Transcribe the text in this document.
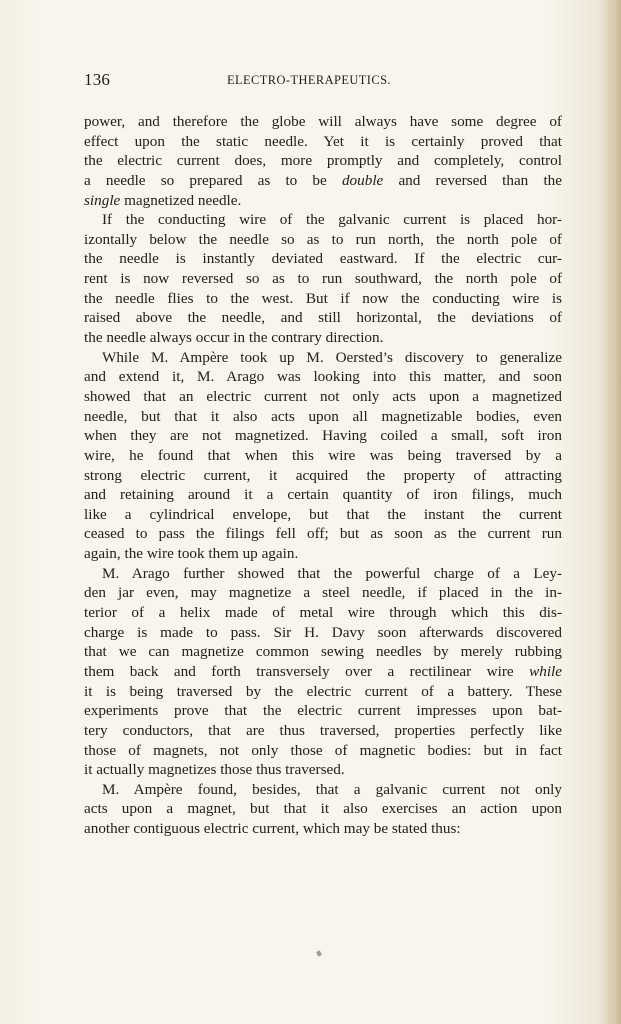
136	ELECTRO-THERAPEUTICS.
power, and therefore the globe will always have some degree of
effect upon the static needle. Yet it is certainly proved that
the electric current does, more promptly and completely, control
a needle so prepared as to be double and reversed than the
single magnetized needle.
If the conducting wire of the galvanic current is placed hor-
izontally below the needle so as to run north, the north pole of
the needle is instantly deviated eastward. If the electric cur-
rent is now reversed so as to run southward, the north pole of
the needle flies to the west. But if now the conducting wire is
raised above the needle, and still horizontal, the deviations of
the needle always occur in the contrary direction.
While M. Ampère took up M. Oersted’s discovery to generalize
and extend it, M. Arago was looking into this matter, and soon
showed that an electric current not only acts upon a magnetized
needle, but that it also acts upon all magnetizable bodies, even
when they are not magnetized. Having coiled a small, soft iron
wire, he found that when this wire was being traversed by a
strong electric current, it acquired the property of attracting
and retaining around it a certain quantity of iron filings, much
like a cylindrical envelope, but that the instant the current
ceased to pass the filings fell off; but as soon as the current run
again, the wire took them up again.
M. Arago further showed that the powerful charge of a Ley-
den jar even, may magnetize a steel needle, if placed in the in-
terior of a helix made of metal wire through which this dis-
charge is made to pass. Sir H. Davy soon afterwards discovered
that we can magnetize common sewing needles by merely rubbing
them back and forth transversely over a rectilinear wire while
it is being traversed by the electric current of a battery. These
experiments prove that the electric current impresses upon bat-
tery conductors, that are thus traversed, properties perfectly like
those of magnets, not only those of magnetic bodies: but in fact
it actually magnetizes those thus traversed.
M. Ampère found, besides, that a galvanic current not only
acts upon a magnet, but that it also exercises an action upon
another contiguous electric current, which may be stated thus:
